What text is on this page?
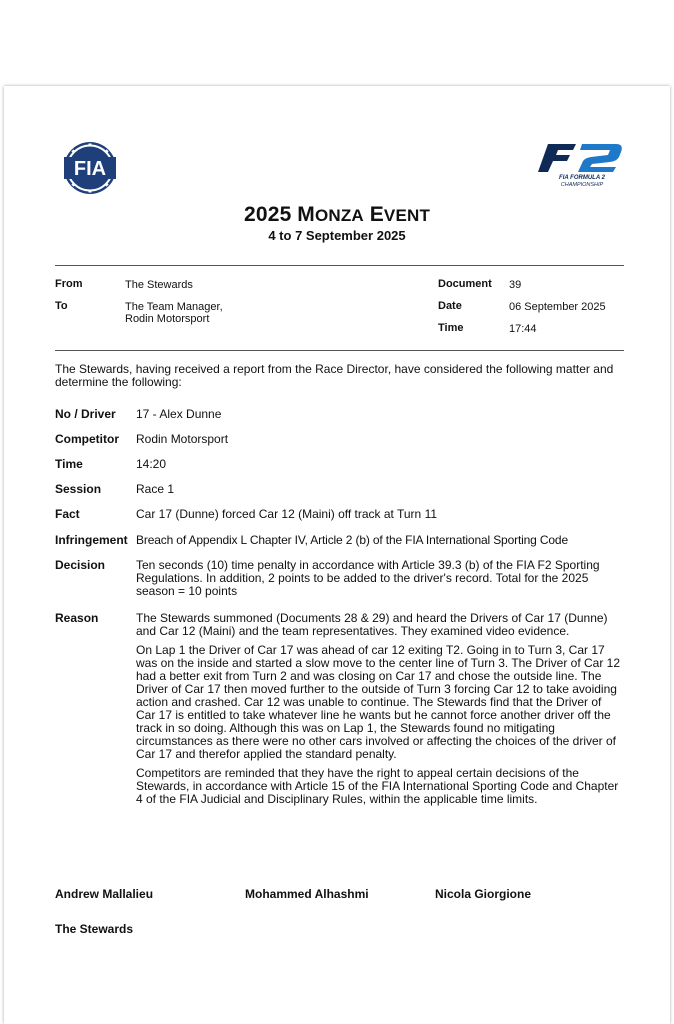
FIA	FIA FORMULA 2
CHAMPIONSHIP
2025 MONZA EVENT
4 to 7 September 2025
From	The Stewards
To	The Team Manager,
Rodin Motorsport
Document 39
Date	06 September 2025
Time	17:44
The Stewards, having received a report from the Race Director, have considered the following matter and determine the following:
No / Driver 17 - Alex Dunne
Competitor Rodin Motorsport
Time	14:20
Session	Race 1
Fact	Car 17 (Dunne) forced Car 12 (Maini) off track at Turn 11
Infringement Breach of Appendix L Chapter IV, Article 2 (b) of the FIA International Sporting Code
Decision	Ten seconds (10) time penalty in accordance with Article 39.3 (b) of the FIA F2 Sporting Regulations. In addition, 2 points to be added to the driver's record. Total for the 2025 season = 10 points
Reason	The Stewards summoned (Documents 28 & 29) and heard the Drivers of Car 17 (Dunne) and Car 12 (Maini) and the team representatives. They examined video evidence.

On Lap 1 the Driver of Car 17 was ahead of car 12 exiting T2. Going in to Turn 3, Car 17 was on the inside and started a slow move to the center line of Turn 3. The Driver of Car 12 had a better exit from Turn 2 and was closing on Car 17 and chose the outside line. The Driver of Car 17 then moved further to the outside of Turn 3 forcing Car 12 to take avoiding action and crashed. Car 12 was unable to continue. The Stewards find that the Driver of Car 17 is entitled to take whatever line he wants but he cannot force another driver off the track in so doing. Although this was on Lap 1, the Stewards found no mitigating circumstances as there were no other cars involved or affecting the choices of the driver of Car 17 and therefor applied the standard penalty.

Competitors are reminded that they have the right to appeal certain decisions of the Stewards, in accordance with Article 15 of the FIA International Sporting Code and Chapter 4 of the FIA Judicial and Disciplinary Rules, within the applicable time limits.

Andrew Mallalieu	Mohammed Alhashmi	Nicola Giorgione
The Stewards
